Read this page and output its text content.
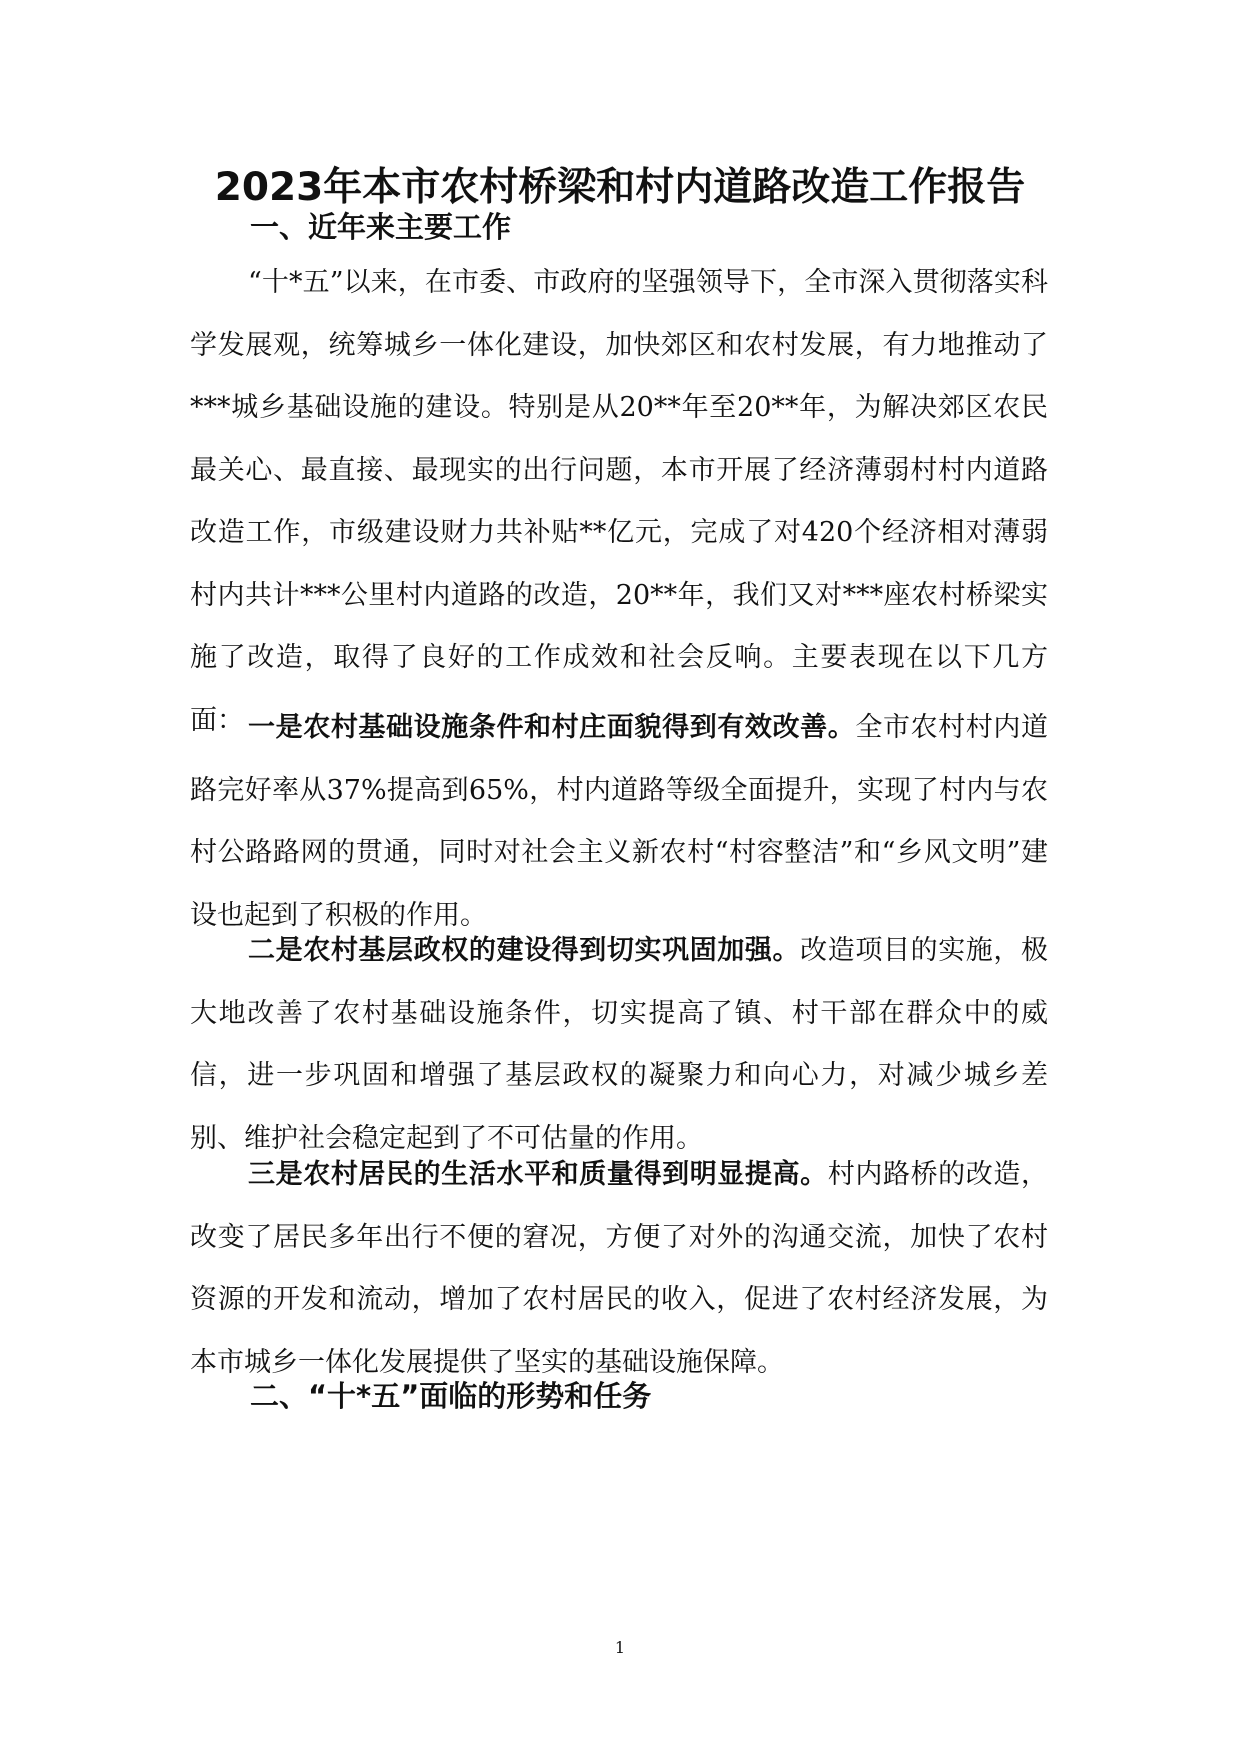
2023年本市农村桥梁和村内道路改造工作报告
一、近年来主要工作

“十*五”以来，在市委、市政府的坚强领导下，全市深入贯彻落实科学发展观，统筹城乡一体化建设，加快郊区和农村发展，有力地推动了***城乡基础设施的建设。特别是从20**年至20**年，为解决郊区农民最关心、最直接、最现实的出行问题，本市开展了经济薄弱村村内道路改造工作，市级建设财力共补贴**亿元，完成了对420个经济相对薄弱村内共计***公里村内道路的改造，20**年，我们又对***座农村桥梁实施了改造，取得了良好的工作成效和社会反响。主要表现在以下几方面： 一是农村基础设施条件和村庄面貌得到有效改善。全市农村村内道路完好率从37%提高到65%，村内道路等级全面提升，实现了村内与农村公路路网的贯通，同时对社会主义新农村“村容整洁”和“乡风文明”建设也起到了积极的作用。

二是农村基层政权的建设得到切实巩固加强。改造项目的实施，极大地改善了农村基础设施条件，切实提高了镇、村干部在群众中的威信，进一步巩固和增强了基层政权的凝聚力和向心力，对减少城乡差别、维护社会稳定起到了不可估量的作用。

三是农村居民的生活水平和质量得到明显提高。村内路桥的改造，改变了居民多年出行不便的窘况，方便了对外的沟通交流，加快了农村资源的开发和流动，增加了农村居民的收入，促进了农村经济发展，为本市城乡一体化发展提供了坚实的基础设施保障。

二、“十*五”面临的形势和任务
1
